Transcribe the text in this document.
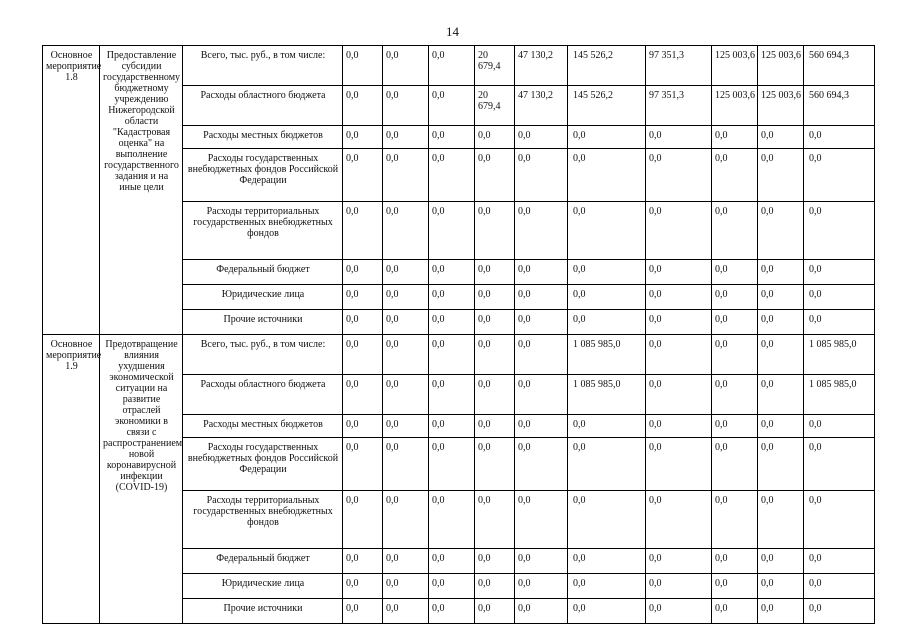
14
Основное мероприятие 1.8	Предоставление субсидии государственному бюджетному учреждению Нижегородской области "Кадастровая оценка" на выполнение государственного задания и на иные цели	Всего, тыс. руб., в том числе:	0,0	0,0	0,0	20 679,4	47 130,2	145 526,2	97 351,3	125 003,6	125 003,6	560 694,3
		Расходы областного бюджета	0,0	0,0	0,0	20 679,4	47 130,2	145 526,2	97 351,3	125 003,6	125 003,6	560 694,3
		Расходы местных бюджетов	0,0	0,0	0,0	0,0	0,0	0,0	0,0	0,0	0,0	0,0
		Расходы государственных внебюджетных фондов Российской Федерации	0,0	0,0	0,0	0,0	0,0	0,0	0,0	0,0	0,0	0,0
		Расходы территориальных государственных внебюджетных фондов	0,0	0,0	0,0	0,0	0,0	0,0	0,0	0,0	0,0	0,0
		Федеральный бюджет	0,0	0,0	0,0	0,0	0,0	0,0	0,0	0,0	0,0	0,0
		Юридические лица	0,0	0,0	0,0	0,0	0,0	0,0	0,0	0,0	0,0	0,0
		Прочие источники	0,0	0,0	0,0	0,0	0,0	0,0	0,0	0,0	0,0	0,0
Основное мероприятие 1.9	Предотвращение влияния ухудшения экономической ситуации на развитие отраслей экономики в связи с распространением новой коронавирусной инфекции (COVID-19)	Всего, тыс. руб., в том числе:	0,0	0,0	0,0	0,0	0,0	1 085 985,0	0,0	0,0	0,0	1 085 985,0
		Расходы областного бюджета	0,0	0,0	0,0	0,0	0,0	1 085 985,0	0,0	0,0	0,0	1 085 985,0
		Расходы местных бюджетов	0,0	0,0	0,0	0,0	0,0	0,0	0,0	0,0	0,0	0,0
		Расходы государственных внебюджетных фондов Российской Федерации	0,0	0,0	0,0	0,0	0,0	0,0	0,0	0,0	0,0	0,0
		Расходы территориальных государственных внебюджетных фондов	0,0	0,0	0,0	0,0	0,0	0,0	0,0	0,0	0,0	0,0
		Федеральный бюджет	0,0	0,0	0,0	0,0	0,0	0,0	0,0	0,0	0,0	0,0
		Юридические лица	0,0	0,0	0,0	0,0	0,0	0,0	0,0	0,0	0,0	0,0
		Прочие источники	0,0	0,0	0,0	0,0	0,0	0,0	0,0	0,0	0,0	0,0
